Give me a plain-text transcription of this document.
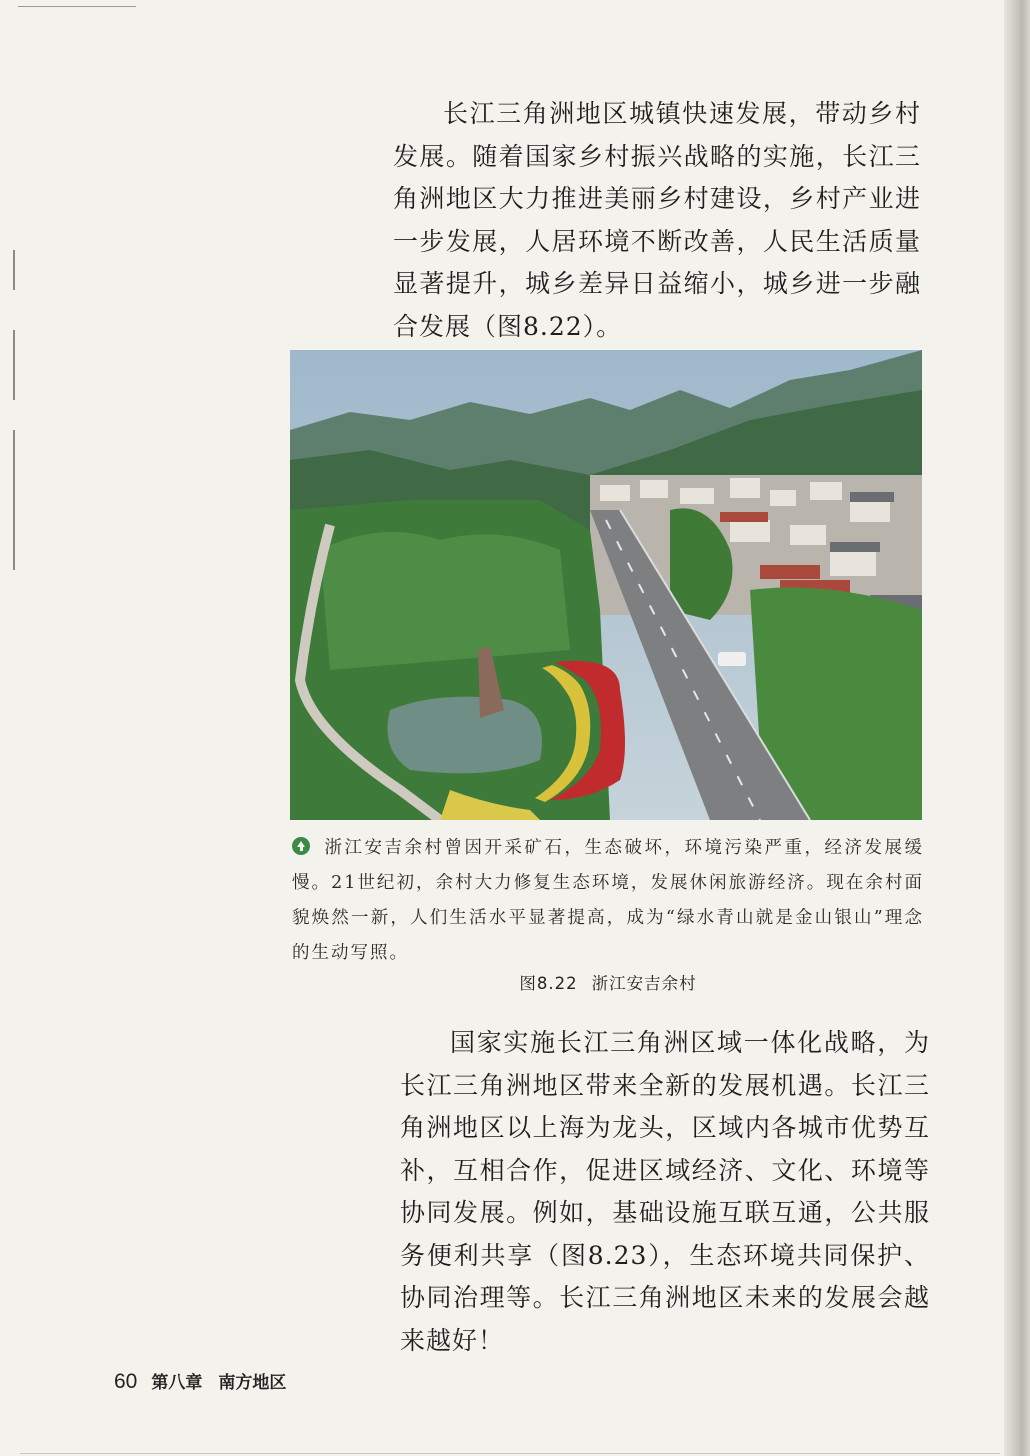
长江三角洲地区城镇快速发展，带动乡村发展。随着国家乡村振兴战略的实施，长江三角洲地区大力推进美丽乡村建设，乡村产业进一步发展，人居环境不断改善，人民生活质量显著提升，城乡差异日益缩小，城乡进一步融合发展（图8.22）。

浙江安吉余村曾因开采矿石，生态破坏，环境污染严重，经济发展缓慢。21世纪初，余村大力修复生态环境，发展休闲旅游经济。现在余村面貌焕然一新，人们生活水平显著提高，成为“绿水青山就是金山银山”理念的生动写照。

图8.22 浙江安吉余村

国家实施长江三角洲区域一体化战略，为长江三角洲地区带来全新的发展机遇。长江三角洲地区以上海为龙头，区域内各城市优势互补，互相合作，促进区域经济、文化、环境等协同发展。例如，基础设施互联互通，公共服务便利共享（图8.23），生态环境共同保护、协同治理等。长江三角洲地区未来的发展会越来越好！

60 第八章 南方地区
